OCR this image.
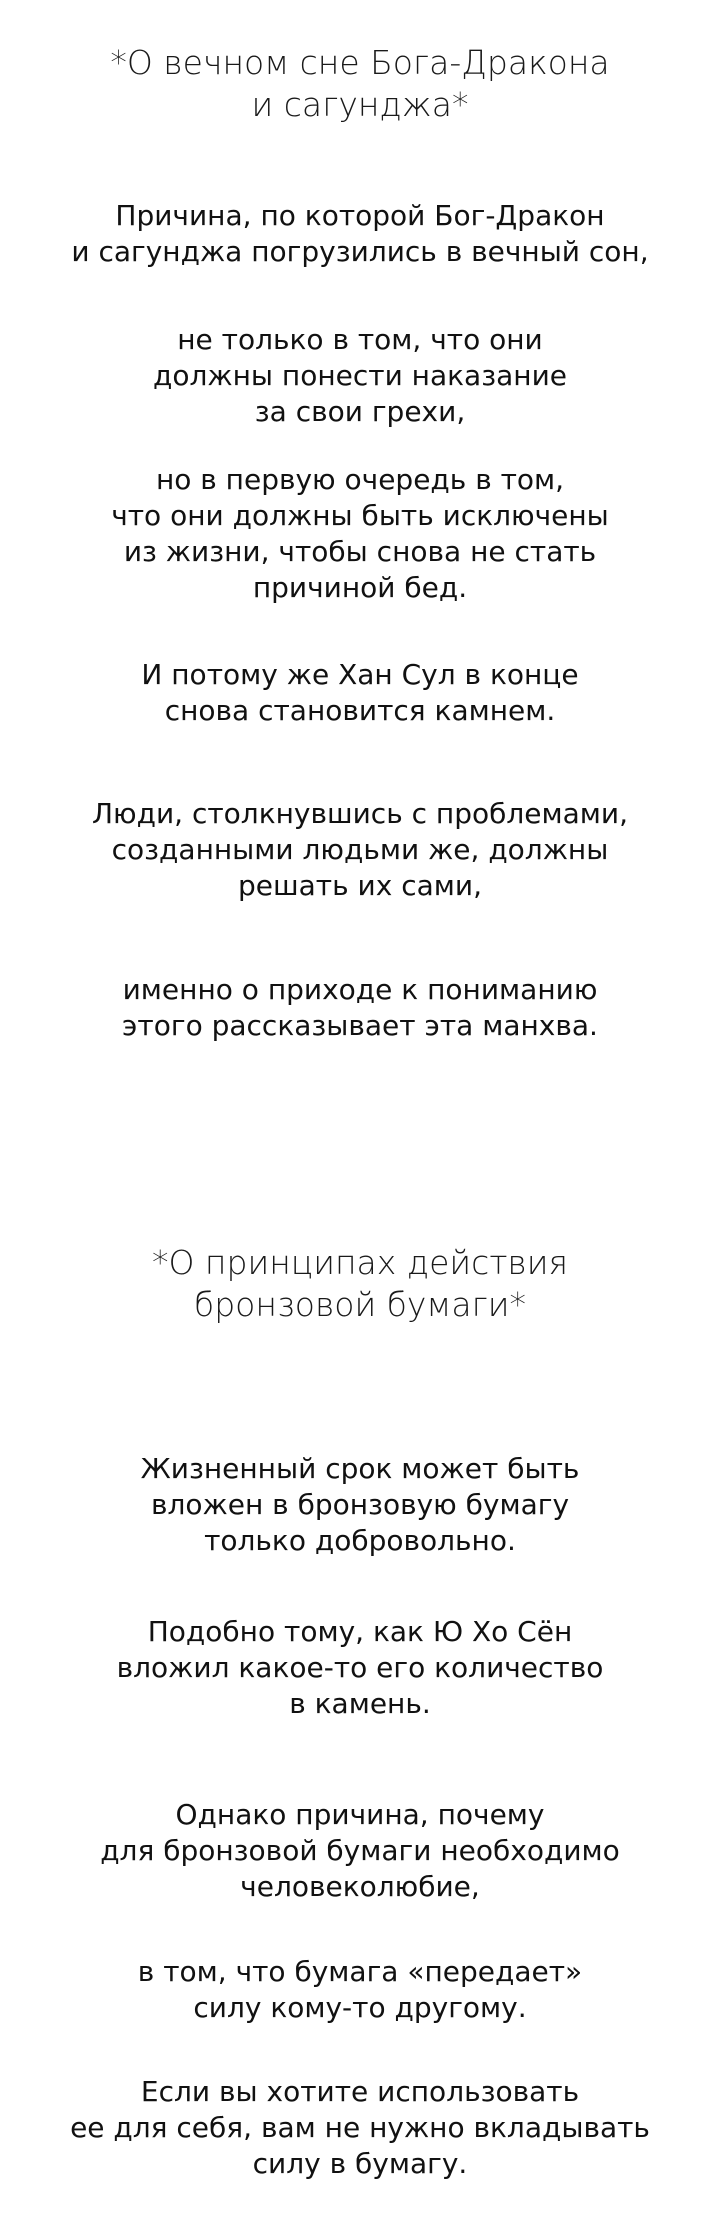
*О вечном сне Бога-Дракона
и сагунджа*
Причина, по которой Бог-Дракон
и сагунджа погрузились в вечный сон,
не только в том, что они
должны понести наказание
за свои грехи,
но в первую очередь в том,
что они должны быть исключены
из жизни, чтобы снова не стать
причиной бед.
И потому же Хан Сул в конце
снова становится камнем.
Люди, столкнувшись с проблемами,
созданными людьми же, должны
решать их сами,
именно о приходе к пониманию
этого рассказывает эта манхва.
*О принципах действия
бронзовой бумаги*
Жизненный срок может быть
вложен в бронзовую бумагу
только добровольно.
Подобно тому, как Ю Хо Сён
вложил какое-то его количество
в камень.
Однако причина, почему
для бронзовой бумаги необходимо
человеколюбие,
в том, что бумага «передает»
силу кому-то другому.
Если вы хотите использовать
ее для себя, вам не нужно вкладывать
силу в бумагу.
